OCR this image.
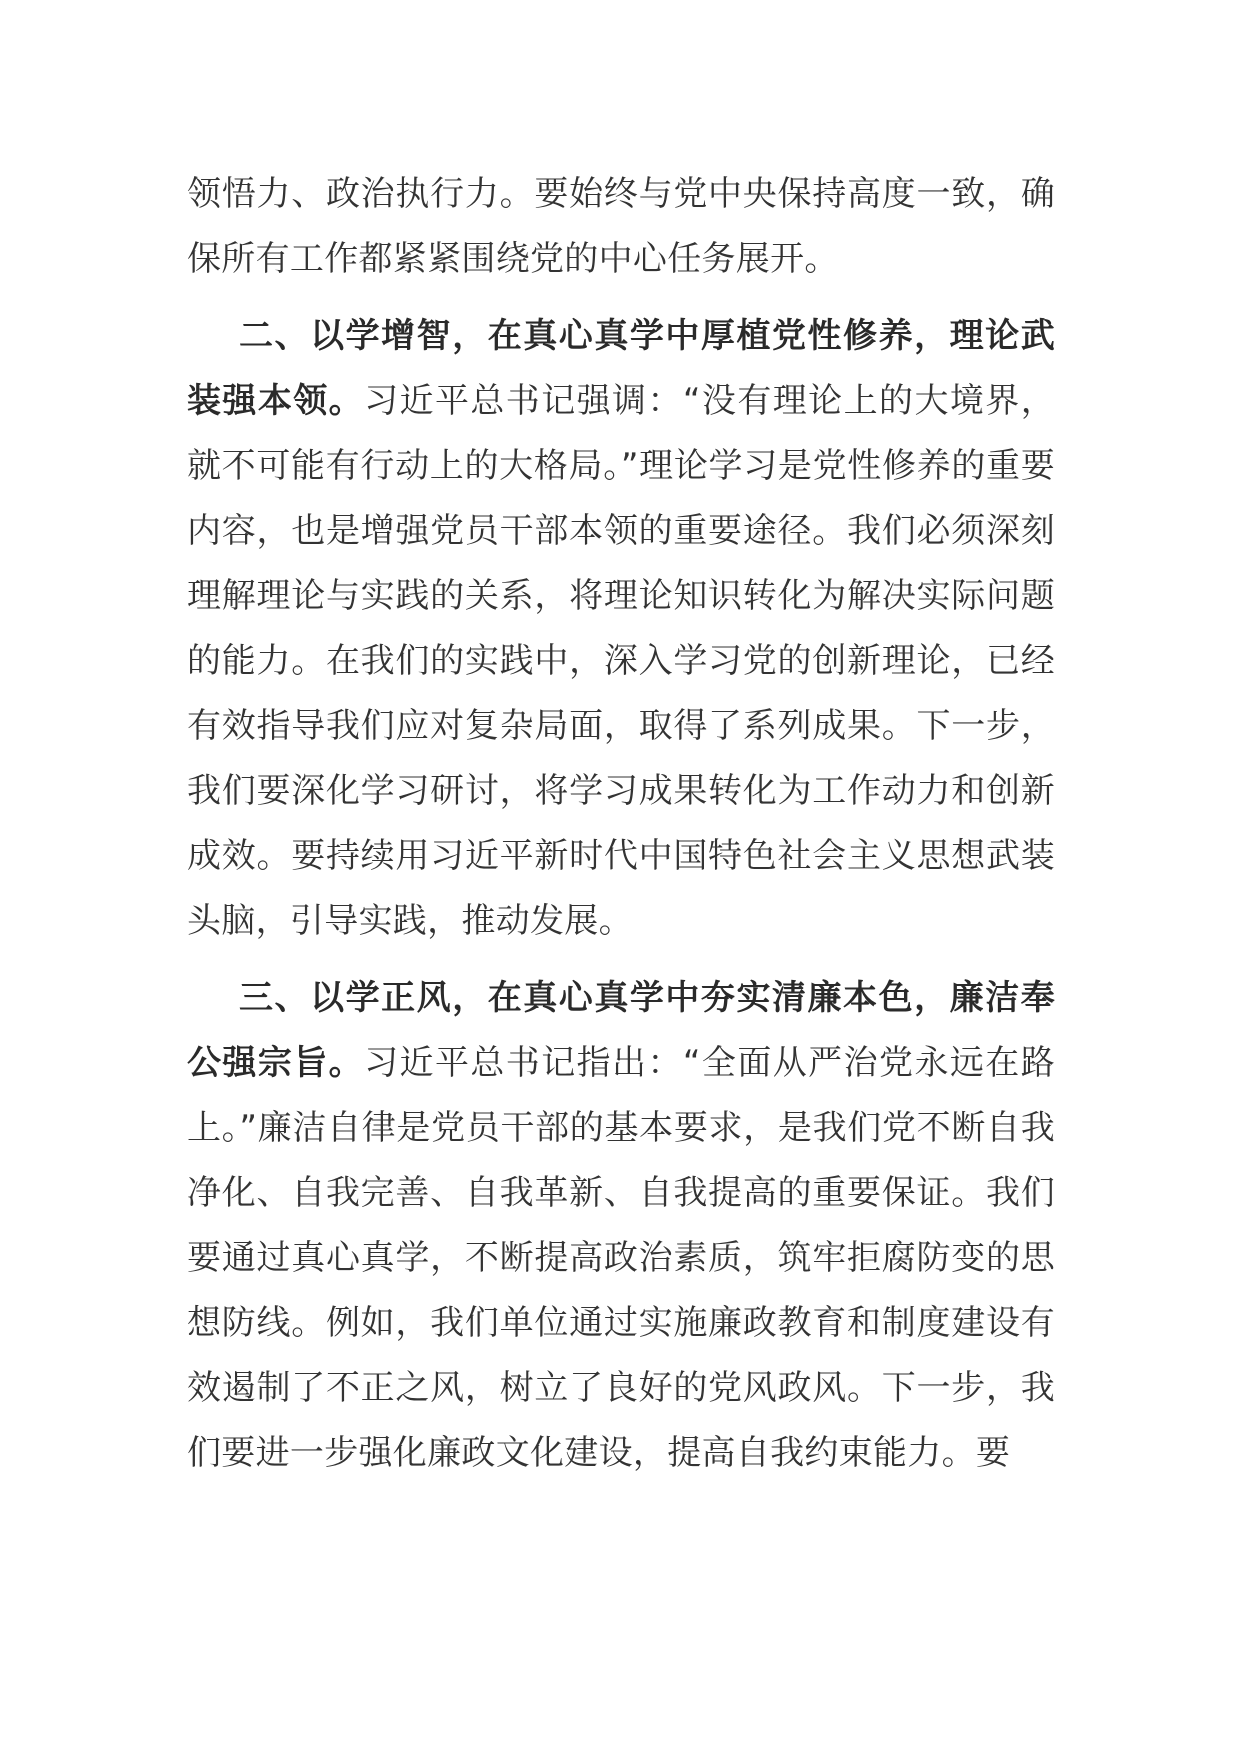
领悟力、政治执行力。要始终与党中央保持高度一致，确保所有工作都紧紧围绕党的中心任务展开。

二、以学增智，在真心真学中厚植党性修养，理论武装强本领。习近平总书记强调：“没有理论上的大境界，就不可能有行动上的大格局。”理论学习是党性修养的重要内容，也是增强党员干部本领的重要途径。我们必须深刻理解理论与实践的关系，将理论知识转化为解决实际问题的能力。在我们的实践中，深入学习党的创新理论，已经有效指导我们应对复杂局面，取得了系列成果。下一步，我们要深化学习研讨，将学习成果转化为工作动力和创新成效。要持续用习近平新时代中国特色社会主义思想武装头脑，引导实践，推动发展。

三、以学正风，在真心真学中夯实清廉本色，廉洁奉公强宗旨。习近平总书记指出：“全面从严治党永远在路上。”廉洁自律是党员干部的基本要求，是我们党不断自我净化、自我完善、自我革新、自我提高的重要保证。我们要通过真心真学，不断提高政治素质，筑牢拒腐防变的思想防线。例如，我们单位通过实施廉政教育和制度建设有效遏制了不正之风，树立了良好的党风政风。下一步，我们要进一步强化廉政文化建设，提高自我约束能力。要
